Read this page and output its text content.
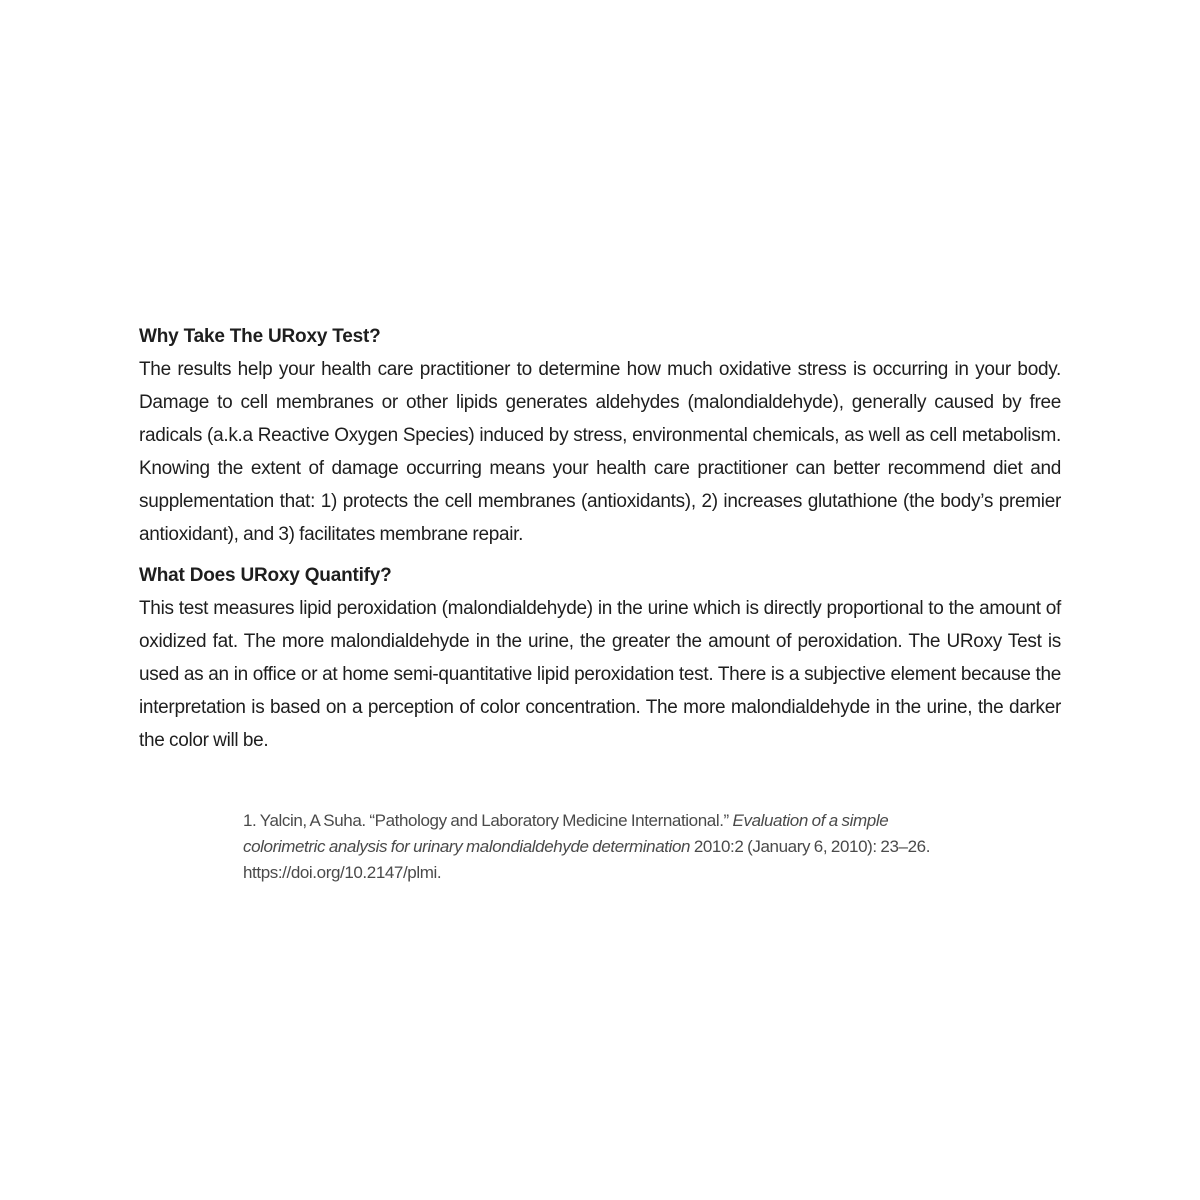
Why Take The URoxy Test?

The results help your health care practitioner to determine how much oxidative stress is occurring in your body. Damage to cell membranes or other lipids generates aldehydes (malondialdehyde), generally caused by free radicals (a.k.a Reactive Oxygen Species) induced by stress, environmental chemicals, as well as cell metabolism. Knowing the extent of damage occurring means your health care practitioner can better recommend diet and supplementation that: 1) protects the cell membranes (antioxidants), 2) increases glutathione (the body’s premier antioxidant), and 3) facilitates membrane repair.

What Does URoxy Quantify?

This test measures lipid peroxidation (malondialdehyde) in the urine which is directly proportional to the amount of oxidized fat. The more malondialdehyde in the urine, the greater the amount of peroxidation. The URoxy Test is used as an in office or at home semi-quantitative lipid peroxidation test. There is a subjective element because the interpretation is based on a perception of color concentration. The more malondialdehyde in the urine, the darker the color will be.

1. Yalcin, A Suha. “Pathology and Laboratory Medicine International.” Evaluation of a simple colorimetric analysis for urinary malondialdehyde determination 2010:2 (January 6, 2010): 23–26. https://doi.org/10.2147/plmi.
